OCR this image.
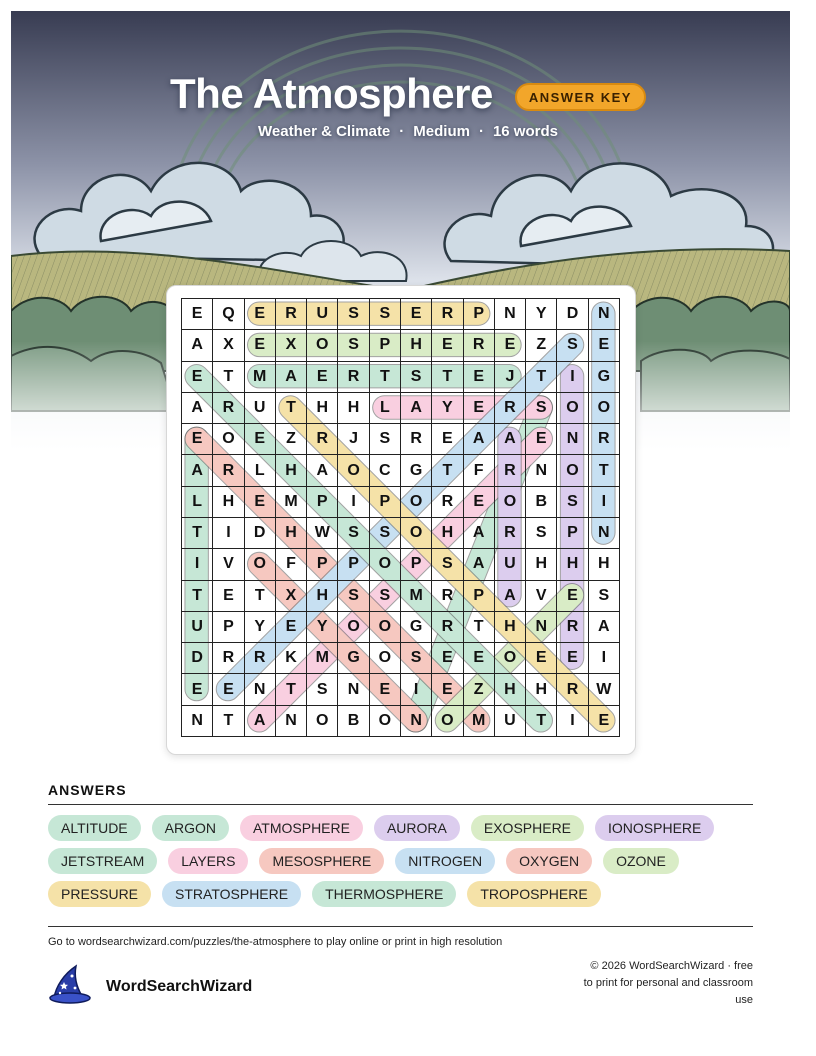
The Atmosphere	ANSWER KEY
Weather & Climate · Medium · 16 words
E	Q	E	R	U	S	S	E	R	P	N	Y	D	N
A	X	E	X	O	S	P	H	E	R	E	Z	S	E
E	T	M	A	E	R	T	S	T	E	J	T	I	G
A	R	U	T	H	H	L	A	Y	E	R	S	O	O
E	O	E	Z	R	J	S	R	E	A	A	E	N	R
A	R	L	H	A	O	C	G	T	F	R	N	O	T
L	H	E	M	P	I	P	O	R	E	O	B	S	I
T	I	D	H	W	S	S	O	H	A	R	S	P	N
I	V	O	F	P	P	O	P	S	A	U	H	H	H
T	E	T	X	H	S	S	M	R	P	A	V	E	S
U	P	Y	E	Y	O	O	G	R	T	H	N	R	A
D	R	R	K	M	G	O	S	E	E	O	E	E	I
E	E	N	T	S	N	E	I	E	Z	H	H	R	W
N	T	A	N	O	B	O	N	O	M	U	T	I	E
ANSWERS
ALTITUDE	ARGON	ATMOSPHERE	AURORA	EXOSPHERE	IONOSPHERE
JETSTREAM	LAYERS	MESOSPHERE	NITROGEN	OXYGEN	OZONE
PRESSURE	STRATOSPHERE	THERMOSPHERE	TROPOSPHERE
Go to wordsearchwizard.com/puzzles/the-atmosphere to play online or print in high resolution
WordSearchWizard
© 2026 WordSearchWizard · free to print for personal and classroom use
